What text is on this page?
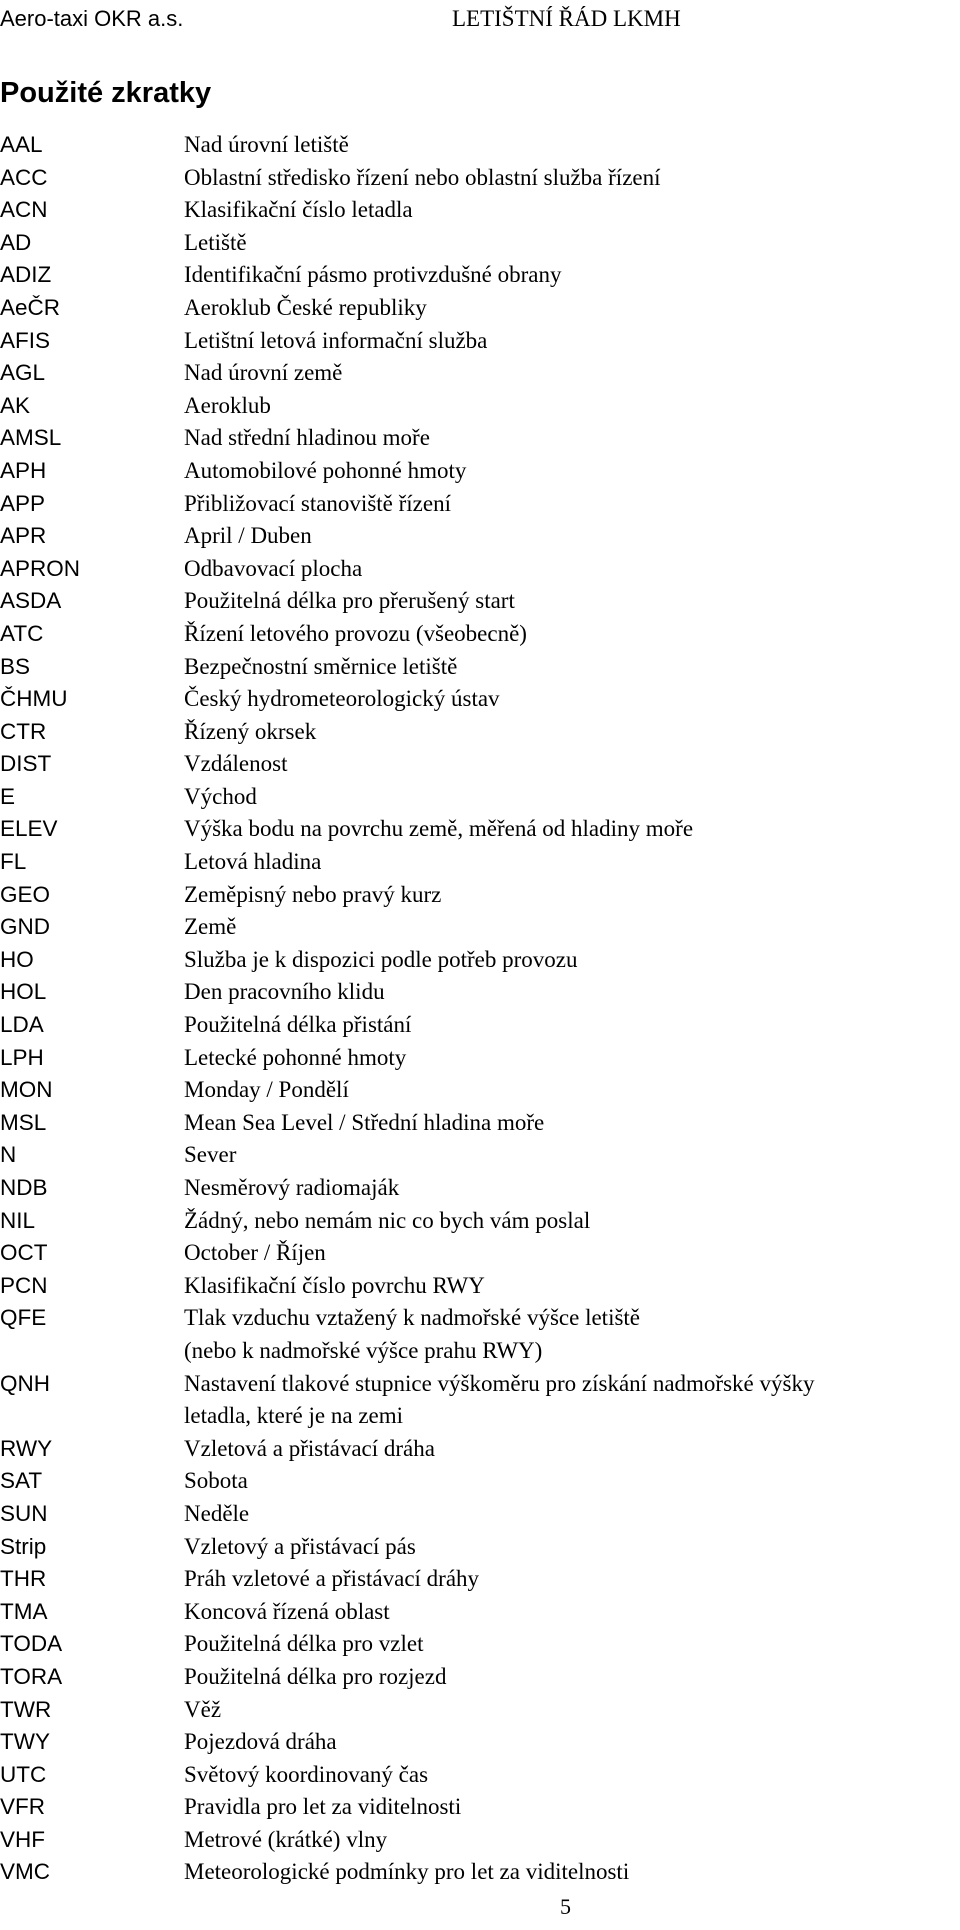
Aero-taxi OKR a.s.	LETIŠTNÍ ŘÁD LKMH
Použité zkratky
AAL	Nad úrovní letiště
ACC	Oblastní středisko řízení nebo oblastní služba řízení
ACN	Klasifikační číslo letadla
AD	Letiště
ADIZ	Identifikační pásmo protivzdušné obrany
AeČR	Aeroklub České republiky
AFIS	Letištní letová informační služba
AGL	Nad úrovní země
AK	Aeroklub
AMSL	Nad střední hladinou moře
APH	Automobilové pohonné hmoty
APP	Přibližovací stanoviště řízení
APR	April / Duben
APRON	Odbavovací plocha
ASDA	Použitelná délka pro přerušený start
ATC	Řízení letového provozu (všeobecně)
BS	Bezpečnostní směrnice letiště
ČHMU	Český hydrometeorologický ústav
CTR	Řízený okrsek
DIST	Vzdálenost
E	Východ
ELEV	Výška bodu na povrchu země, měřená od hladiny moře
FL	Letová hladina
GEO	Zeměpisný nebo pravý kurz
GND	Země
HO	Služba je k dispozici podle potřeb provozu
HOL	Den pracovního klidu
LDA	Použitelná délka přistání
LPH	Letecké pohonné hmoty
MON	Monday / Pondělí
MSL	Mean Sea Level / Střední hladina moře
N	Sever
NDB	Nesměrový radiomaják
NIL	Žádný, nebo nemám nic co bych vám poslal
OCT	October / Říjen
PCN	Klasifikační číslo povrchu RWY
QFE	Tlak vzduchu vztažený k nadmořské výšce letiště
(nebo k nadmořské výšce prahu RWY)
QNH	Nastavení tlakové stupnice výškoměru pro získání nadmořské výšky
letadla, které je na zemi
RWY	Vzletová a přistávací dráha
SAT	Sobota
SUN	Neděle
Strip	Vzletový a přistávací pás
THR	Práh vzletové a přistávací dráhy
TMA	Koncová řízená oblast
TODA	Použitelná délka pro vzlet
TORA	Použitelná délka pro rozjezd
TWR	Věž
TWY	Pojezdová dráha
UTC	Světový koordinovaný čas
VFR	Pravidla pro let za viditelnosti
VHF	Metrové (krátké) vlny
VMC	Meteorologické podmínky pro let za viditelnosti
5
